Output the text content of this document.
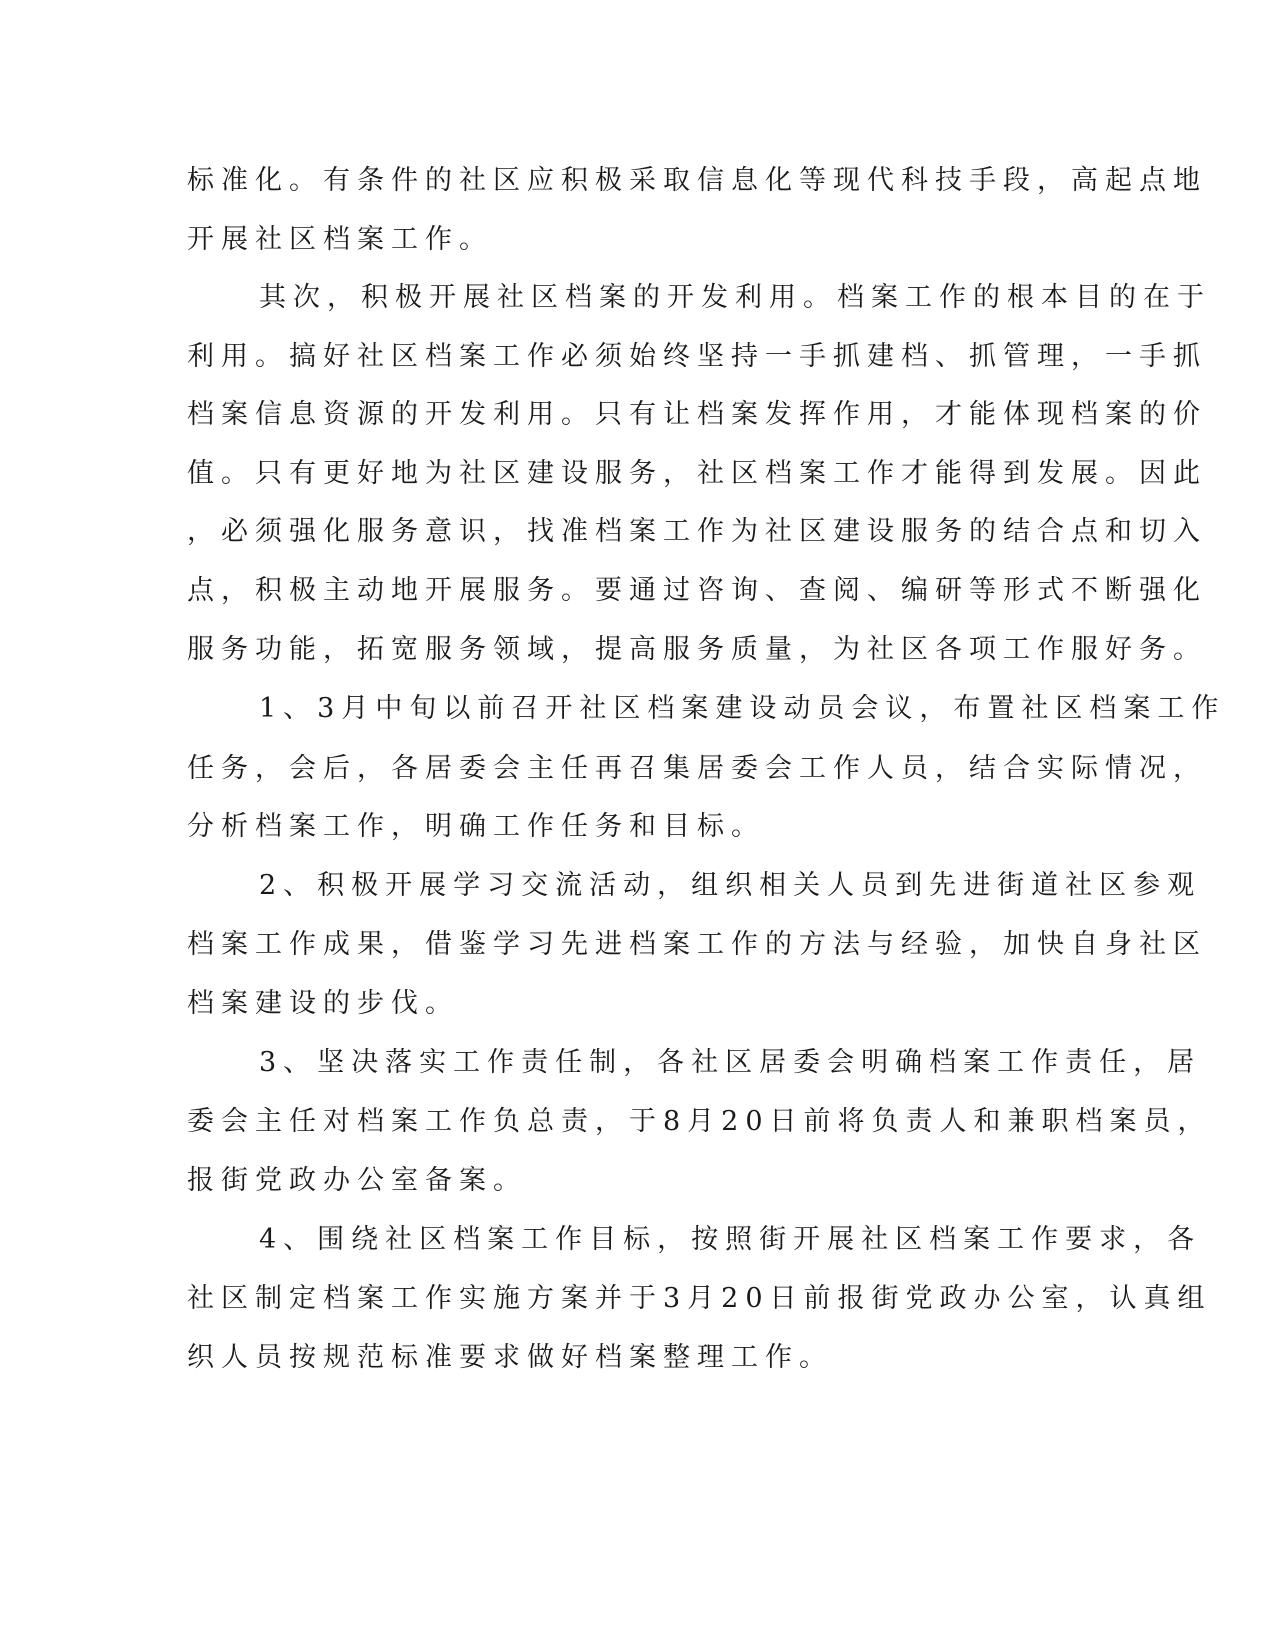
标准化。有条件的社区应积极采取信息化等现代科技手段，高起点地
开展社区档案工作。
其次，积极开展社区档案的开发利用。档案工作的根本目的在于
利用。搞好社区档案工作必须始终坚持一手抓建档、抓管理，一手抓
档案信息资源的开发利用。只有让档案发挥作用，才能体现档案的价
值。只有更好地为社区建设服务，社区档案工作才能得到发展。因此
，必须强化服务意识，找准档案工作为社区建设服务的结合点和切入
点，积极主动地开展服务。要通过咨询、查阅、编研等形式不断强化
服务功能，拓宽服务领域，提高服务质量，为社区各项工作服好务。
1、3月中旬以前召开社区档案建设动员会议，布置社区档案工作
任务，会后，各居委会主任再召集居委会工作人员，结合实际情况，
分析档案工作，明确工作任务和目标。
2、积极开展学习交流活动，组织相关人员到先进街道社区参观
档案工作成果，借鉴学习先进档案工作的方法与经验，加快自身社区
档案建设的步伐。
3、坚决落实工作责任制，各社区居委会明确档案工作责任，居
委会主任对档案工作负总责，于8月20日前将负责人和兼职档案员，
报街党政办公室备案。
4、围绕社区档案工作目标，按照街开展社区档案工作要求，各
社区制定档案工作实施方案并于3月20日前报街党政办公室，认真组
织人员按规范标准要求做好档案整理工作。
